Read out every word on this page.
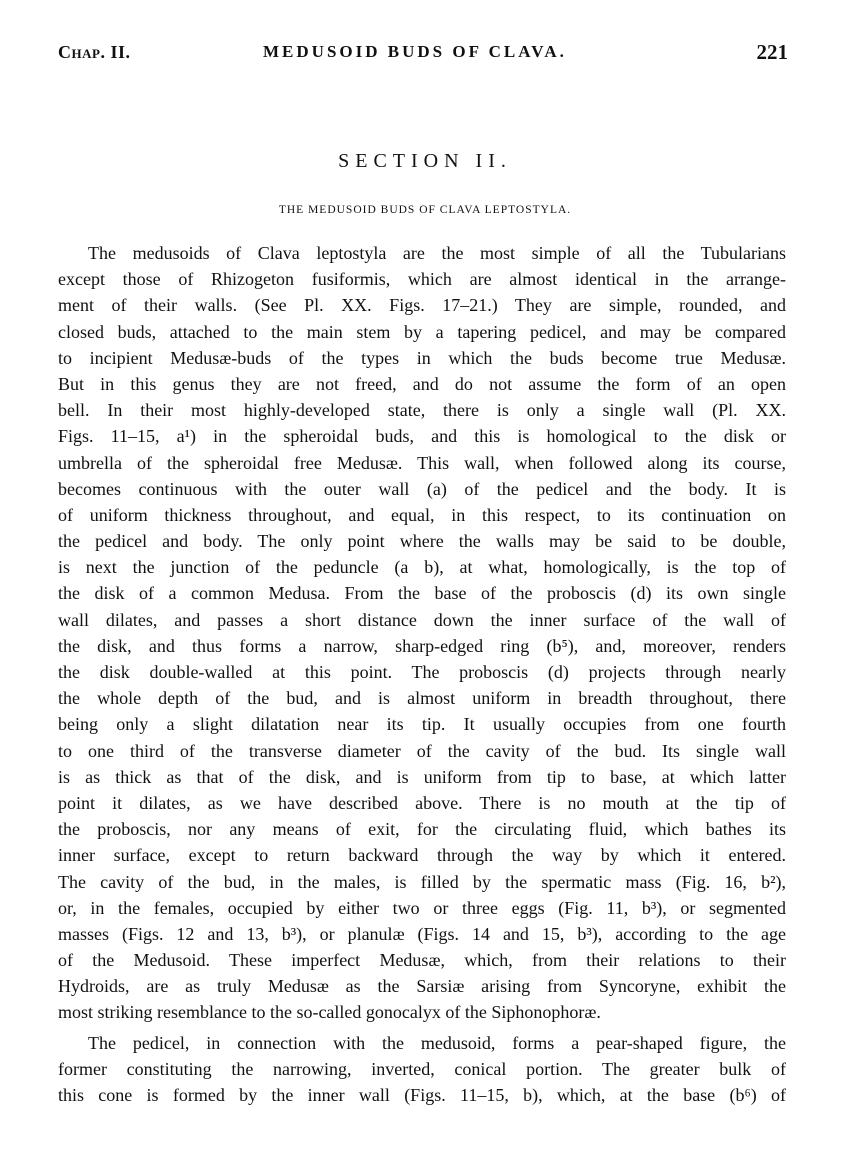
Chap. II.	MEDUSOID BUDS OF CLAVA.	221
SECTION II.
THE MEDUSOID BUDS OF CLAVA LEPTOSTYLA.
The medusoids of Clava leptostyla are the most simple of all the Tubularians
except those of Rhizogeton fusiformis, which are almost identical in the arrange-
ment of their walls. (See Pl. XX. Figs. 17–21.) They are simple, rounded, and
closed buds, attached to the main stem by a tapering pedicel, and may be compared
to incipient Medusæ-buds of the types in which the buds become true Medusæ.
But in this genus they are not freed, and do not assume the form of an open
bell. In their most highly-developed state, there is only a single wall (Pl. XX.
Figs. 11–15, a¹) in the spheroidal buds, and this is homological to the disk or
umbrella of the spheroidal free Medusæ. This wall, when followed along its course,
becomes continuous with the outer wall (a) of the pedicel and the body. It is
of uniform thickness throughout, and equal, in this respect, to its continuation on
the pedicel and body. The only point where the walls may be said to be double,
is next the junction of the peduncle (a b), at what, homologically, is the top of
the disk of a common Medusa. From the base of the proboscis (d) its own single
wall dilates, and passes a short distance down the inner surface of the wall of
the disk, and thus forms a narrow, sharp-edged ring (b⁵), and, moreover, renders
the disk double-walled at this point. The proboscis (d) projects through nearly
the whole depth of the bud, and is almost uniform in breadth throughout, there
being only a slight dilatation near its tip. It usually occupies from one fourth
to one third of the transverse diameter of the cavity of the bud. Its single wall
is as thick as that of the disk, and is uniform from tip to base, at which latter
point it dilates, as we have described above. There is no mouth at the tip of
the proboscis, nor any means of exit, for the circulating fluid, which bathes its
inner surface, except to return backward through the way by which it entered.
The cavity of the bud, in the males, is filled by the spermatic mass (Fig. 16, b²),
or, in the females, occupied by either two or three eggs (Fig. 11, b³), or segmented
masses (Figs. 12 and 13, b³), or planulæ (Figs. 14 and 15, b³), according to the age
of the Medusoid. These imperfect Medusæ, which, from their relations to their
Hydroids, are as truly Medusæ as the Sarsiæ arising from Syncoryne, exhibit the
most striking resemblance to the so-called gonocalyx of the Siphonophoræ.
The pedicel, in connection with the medusoid, forms a pear-shaped figure, the
former constituting the narrowing, inverted, conical portion. The greater bulk of
this cone is formed by the inner wall (Figs. 11–15, b), which, at the base (b⁶) of
